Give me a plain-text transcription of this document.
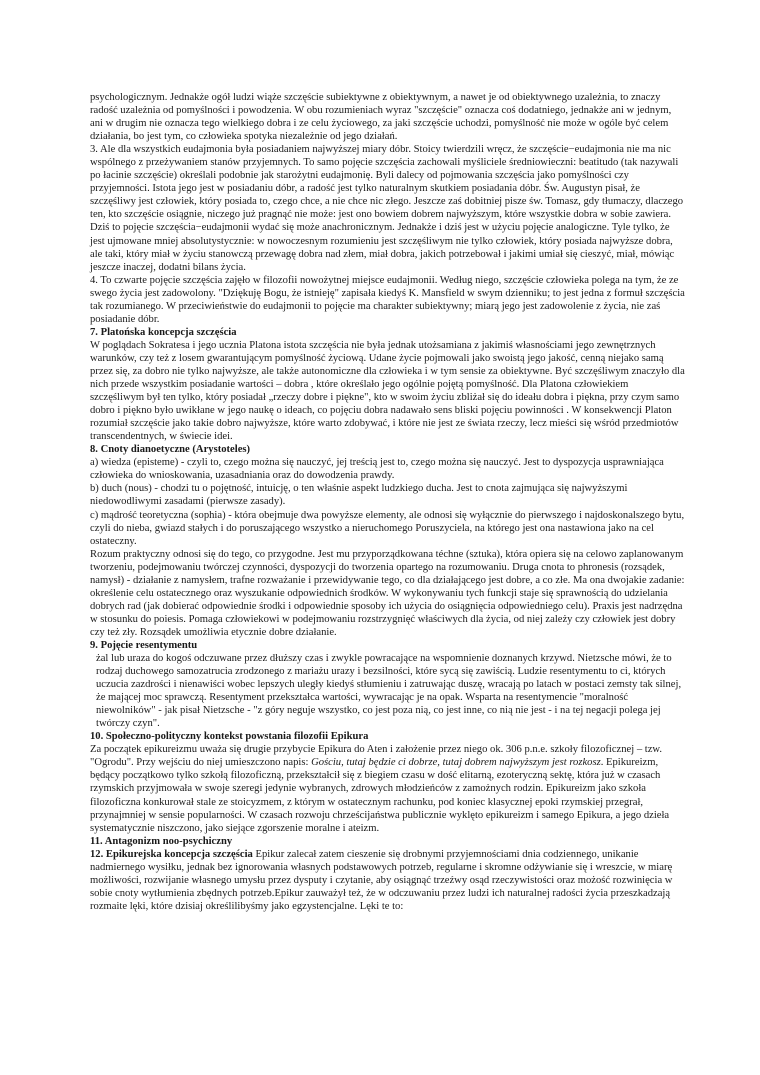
psychologicznym. Jednakże ogół ludzi wiąże szczęście subiektywne z obiektywnym, a nawet je od obiektywnego uzależnia, to znaczy radość uzależnia od pomyślności i powodzenia. W obu rozumieniach wyraz "szczęście" oznacza coś dodatniego, jednakże ani w jednym, ani w drugim nie oznacza tego wielkiego dobra i ze celu życiowego, za jaki szczęście uchodzi, pomyślność nie może w ogóle być celem działania, bo jest tym, co człowieka spotyka niezależnie od jego działań.

3. Ale dla wszystkich eudajmonia była posiadaniem najwyższej miary dóbr. Stoicy twierdzili wręcz, że szczęście−eudajmonia nie ma nic wspólnego z przeżywaniem stanów przyjemnych. To samo pojęcie szczęścia zachowali myśliciele średniowieczni: beatitudo (tak nazywali po łacinie szczęście) określali podobnie jak starożytni eudajmonię. Byli dalecy od pojmowania szczęścia jako pomyślności czy przyjemności. Istota jego jest w posiadaniu dóbr, a radość jest tylko naturalnym skutkiem posiadania dóbr. Św. Augustyn pisał, że szczęśliwy jest człowiek, który posiada to, czego chce, a nie chce nic złego. Jeszcze zaś dobitniej pisze św. Tomasz, gdy tłumaczy, dlaczego ten, kto szczęście osiągnie, niczego już pragnąć nie może: jest ono bowiem dobrem najwyższym, które wszystkie dobra w sobie zawiera. Dziś to pojęcie szczęścia−eudajmonii wydać się może anachronicznym. Jednakże i dziś jest w użyciu pojęcie analogiczne. Tyle tylko, że jest ujmowane mniej absolutystycznie: w nowoczesnym rozumieniu jest szczęśliwym nie tylko człowiek, który posiada najwyższe dobra, ale taki, który miał w życiu stanowczą przewagę dobra nad złem, miał dobra, jakich potrzebował i jakimi umiał się cieszyć, miał, mówiąc jeszcze inaczej, dodatni bilans życia.

4. To czwarte pojęcie szczęścia zajęło w filozofii nowożytnej miejsce eudajmonii. Według niego, szczęście człowieka polega na tym, że ze swego życia jest zadowolony. "Dziękuję Bogu, że istnieję" zapisała kiedyś K. Mansfield w swym dzienniku; to jest jedna z formuł szczęścia tak rozumianego. W przeciwieństwie do eudajmonii to pojęcie ma charakter subiektywny; miarą jego jest zadowolenie z życia, nie zaś posiadanie dóbr.

7. Platońska koncepcja szczęścia

W poglądach Sokratesa i jego ucznia Platona istota szczęścia nie była jednak utożsamiana z jakimiś własnościami jego zewnętrznych warunków, czy też z losem gwarantującym pomyślność życiową. Udane życie pojmowali jako swoistą jego jakość, cenną niejako samą przez się, za dobro nie tylko najwyższe, ale także autonomiczne dla człowieka i w tym sensie za obiektywne. Być szczęśliwym znaczyło dla nich przede wszystkim posiadanie wartości – dobra , które określało jego ogólnie pojętą pomyślność. Dla Platona człowiekiem szczęśliwym był ten tylko, który posiadał „rzeczy dobre i piękne", kto w swoim życiu zbliżał się do ideału dobra i piękna, przy czym samo dobro i piękno było uwikłane w jego naukę o ideach, co pojęciu dobra nadawało sens bliski pojęciu powinności . W konsekwencji Platon rozumiał szczęście jako takie dobro najwyższe, które warto zdobywać, i które nie jest ze świata rzeczy, lecz mieści się wśród przedmiotów transcendentnych, w świecie idei.

8. Cnoty dianoetyczne (Arystoteles)

a) wiedza (episteme) - czyli to, czego można się nauczyć, jej treścią jest to, czego można się nauczyć. Jest to dyspozycja usprawniająca człowieka do wnioskowania, uzasadniania oraz do dowodzenia prawdy.

b) duch (nous) - chodzi tu o pojętność, intuicję, o ten właśnie aspekt ludzkiego ducha. Jest to cnota zajmująca się najwyższymi niedowodliwymi zasadami (pierwsze zasady).

c) mądrość teoretyczna (sophia) - która obejmuje dwa powyższe elementy, ale odnosi się wyłącznie do pierwszego i najdoskonalszego bytu, czyli do nieba, gwiazd stałych i do poruszającego wszystko a nieruchomego Poruszyciela, na którego jest ona nastawiona jako na cel ostateczny.

Rozum praktyczny odnosi się do tego, co przygodne. Jest mu przyporządkowana téchne (sztuka), która opiera się na celowo zaplanowanym tworzeniu, podejmowaniu twórczej czynności, dyspozycji do tworzenia opartego na rozumowaniu. Druga cnota to phronesis (rozsądek, namysł) - działanie z namysłem, trafne rozważanie i przewidywanie tego, co dla działającego jest dobre, a co złe. Ma ona dwojakie zadanie: określenie celu ostatecznego oraz wyszukanie odpowiednich środków. W wykonywaniu tych funkcji staje się sprawnością do udzielania dobrych rad (jak dobierać odpowiednie środki i odpowiednie sposoby ich użycia do osiągnięcia odpowiedniego celu). Praxis jest nadrzędna w stosunku do poiesis. Pomaga człowiekowi w podejmowaniu rozstrzygnięć właściwych dla życia, od niej zależy czy człowiek jest dobry czy też zły. Rozsądek umożliwia etycznie dobre działanie.

9. Pojęcie resentymentu

żal lub uraza do kogoś odczuwane przez dłuższy czas i zwykle powracające na wspomnienie doznanych krzywd. Nietzsche mówi, że to rodzaj duchowego samozatrucia zrodzonego z mariażu urazy i bezsilności, które sycą się zawiścią. Ludzie resentymentu to ci, których uczucia zazdrości i nienawiści wobec lepszych uległy kiedyś stłumieniu i zatruwając duszę, wracają po latach w postaci zemsty tak silnej, że mającej moc sprawczą. Resentyment przekształca wartości, wywracając je na opak. Wsparta na resentymencie "moralność niewolników" - jak pisał Nietzsche - "z góry neguje wszystko, co jest poza nią, co jest inne, co nią nie jest - i na tej negacji polega jej twórczy czyn".

10. Społeczno-polityczny kontekst powstania filozofii Epikura

Za początek epikureizmu uważa się drugie przybycie Epikura do Aten i założenie przez niego ok. 306 p.n.e. szkoły filozoficznej – tzw. "Ogrodu". Przy wejściu do niej umieszczono napis: Gościu, tutaj będzie ci dobrze, tutaj dobrem najwyższym jest rozkosz. Epikureizm, będący początkowo tylko szkołą filozoficzną, przekształcił się z biegiem czasu w dość elitarną, ezoteryczną sektę, która już w czasach rzymskich przyjmowała w swoje szeregi jedynie wybranych, zdrowych młodzieńców z zamożnych rodzin. Epikureizm jako szkoła filozoficzna konkurował stale ze stoicyzmem, z którym w ostatecznym rachunku, pod koniec klasycznej epoki rzymskiej przegrał, przynajmniej w sensie popularności. W czasach rozwoju chrześcijaństwa publicznie wyklęto epikureizm i samego Epikura, a jego dzieła systematycznie niszczono, jako siejące zgorszenie moralne i ateizm.

11. Antagonizm noo-psychiczny

12. Epikurejska koncepcja szczęścia Epikur zalecał zatem cieszenie się drobnymi przyjemnościami dnia codziennego, unikanie nadmiernego wysiłku, jednak bez ignorowania własnych podstawowych potrzeb, regularne i skromne odżywianie się i wreszcie, w miarę możliwości, rozwijanie własnego umysłu przez dysputy i czytanie, aby osiągnąć trzeźwy osąd rzeczywistości oraz możość rozwinięcia w sobie cnoty wytłumienia zbędnych potrzeb.Epikur zauważył też, że w odczuwaniu przez ludzi ich naturalnej radości życia przeszkadzają rozmaite lęki, które dzisiaj określilibyśmy jako egzystencjalne. Lęki te to:
